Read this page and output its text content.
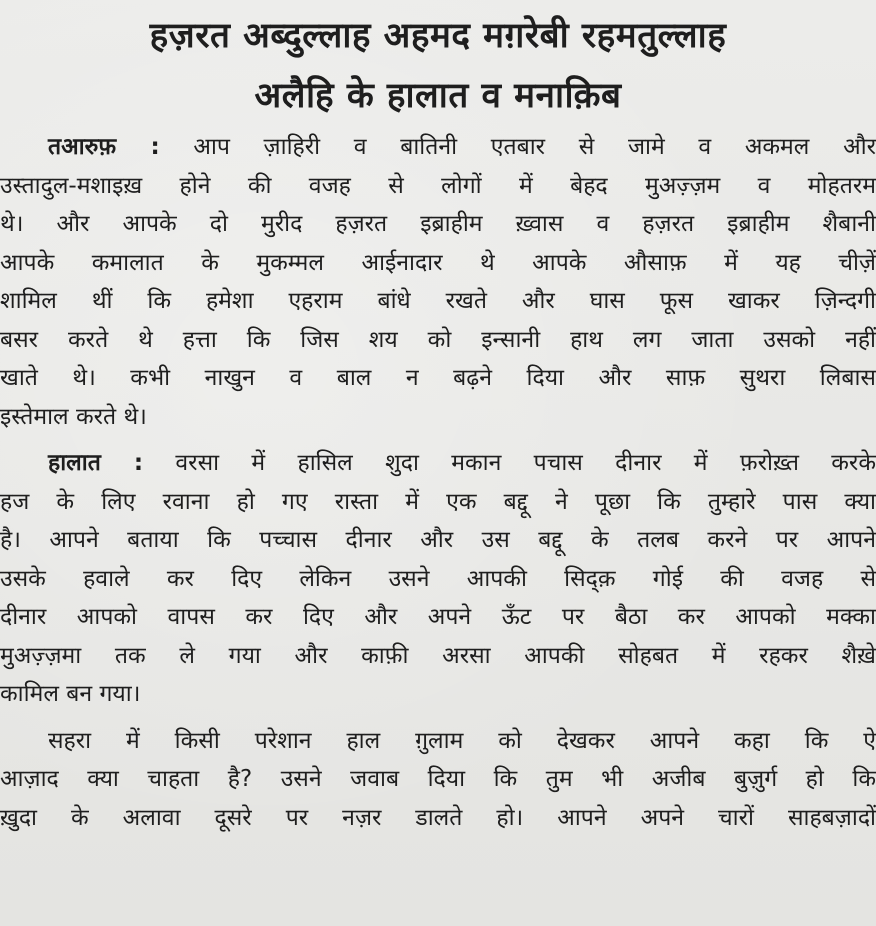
हज़रत अब्दुल्लाह अहमद मग़रेबी रहमतुल्लाह
अलैहि के हालात व मनाक़िब

तआरुफ़ : आप ज़ाहिरी व बातिनी एतबार से जामे व अकमल और
उस्तादुल-मशाइख़ होने की वजह से लोगों में बेहद मुअज़्ज़म व मोहतरम
थे। और आपके दो मुरीद हज़रत इब्राहीम ख़्वास व हज़रत इब्राहीम शैबानी
आपके कमालात के मुकम्मल आईनादार थे आपके औसाफ़ में यह चीज़ें
शामिल थीं कि हमेशा एहराम बांधे रखते और घास फूस खाकर ज़िन्दगी
बसर करते थे हत्ता कि जिस शय को इन्सानी हाथ लग जाता उसको नहीं
खाते थे। कभी नाखुन व बाल न बढ़ने दिया और साफ़ सुथरा लिबास
इस्तेमाल करते थे।

हालात : वरसा में हासिल शुदा मकान पचास दीनार में फ़रोख़्त करके
हज के लिए रवाना हो गए रास्ता में एक बद्दू ने पूछा कि तुम्हारे पास क्या
है। आपने बताया कि पच्चास दीनार और उस बद्दू के तलब करने पर आपने
उसके हवाले कर दिए लेकिन उसने आपकी सिद्क़ गोई की वजह से
दीनार आपको वापस कर दिए और अपने ऊँट पर बैठा कर आपको मक्का
मुअज़्ज़मा तक ले गया और काफ़ी अरसा आपकी सोहबत में रहकर शैख़े
कामिल बन गया।

सहरा में किसी परेशान हाल ग़ुलाम को देखकर आपने कहा कि ऐ
आज़ाद क्या चाहता है? उसने जवाब दिया कि तुम भी अजीब बुज़ुर्ग हो कि
ख़ुदा के अलावा दूसरे पर नज़र डालते हो। आपने अपने चारों साहबज़ादों
